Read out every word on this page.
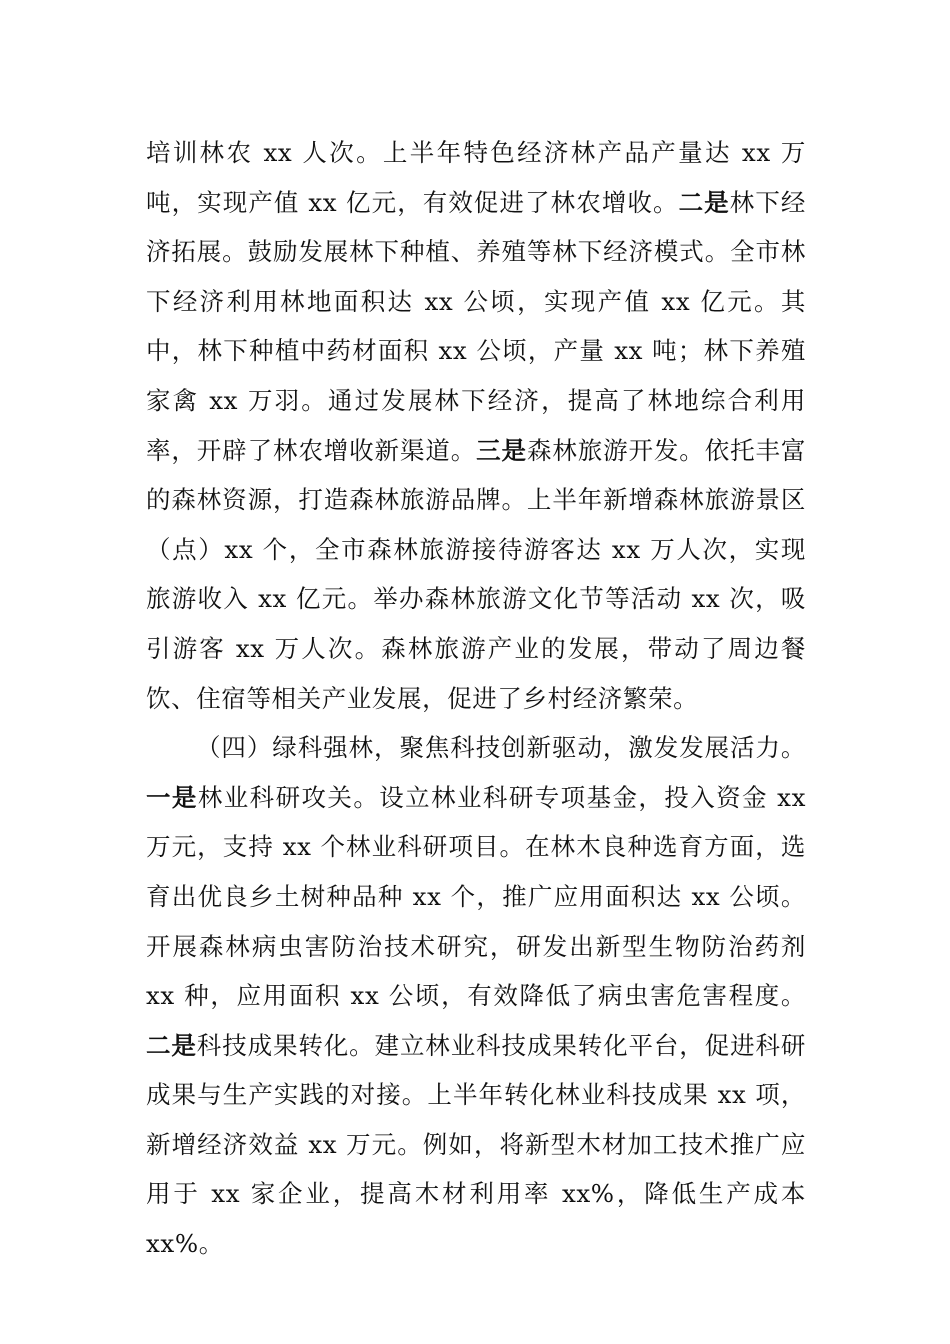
培训林农 xx 人次。上半年特色经济林产品产量达 xx 万吨，实现产值 xx 亿元，有效促进了林农增收。二是林下经济拓展。鼓励发展林下种植、养殖等林下经济模式。全市林下经济利用林地面积达 xx 公顷，实现产值 xx 亿元。其中，林下种植中药材面积 xx 公顷，产量 xx 吨；林下养殖家禽 xx 万羽。通过发展林下经济，提高了林地综合利用率，开辟了林农增收新渠道。三是森林旅游开发。依托丰富的森林资源，打造森林旅游品牌。上半年新增森林旅游景区（点）xx 个，全市森林旅游接待游客达 xx 万人次，实现旅游收入 xx 亿元。举办森林旅游文化节等活动 xx 次，吸引游客 xx 万人次。森林旅游产业的发展，带动了周边餐饮、住宿等相关产业发展，促进了乡村经济繁荣。

（四）绿科强林，聚焦科技创新驱动，激发发展活力。一是林业科研攻关。设立林业科研专项基金，投入资金 xx 万元，支持 xx 个林业科研项目。在林木良种选育方面，选育出优良乡土树种品种 xx 个，推广应用面积达 xx 公顷。开展森林病虫害防治技术研究，研发出新型生物防治药剂 xx 种，应用面积 xx 公顷，有效降低了病虫害危害程度。二是科技成果转化。建立林业科技成果转化平台，促进科研成果与生产实践的对接。上半年转化林业科技成果 xx 项，新增经济效益 xx 万元。例如，将新型木材加工技术推广应用于 xx 家企业，提高木材利用率 xx%，降低生产成本 xx%。
